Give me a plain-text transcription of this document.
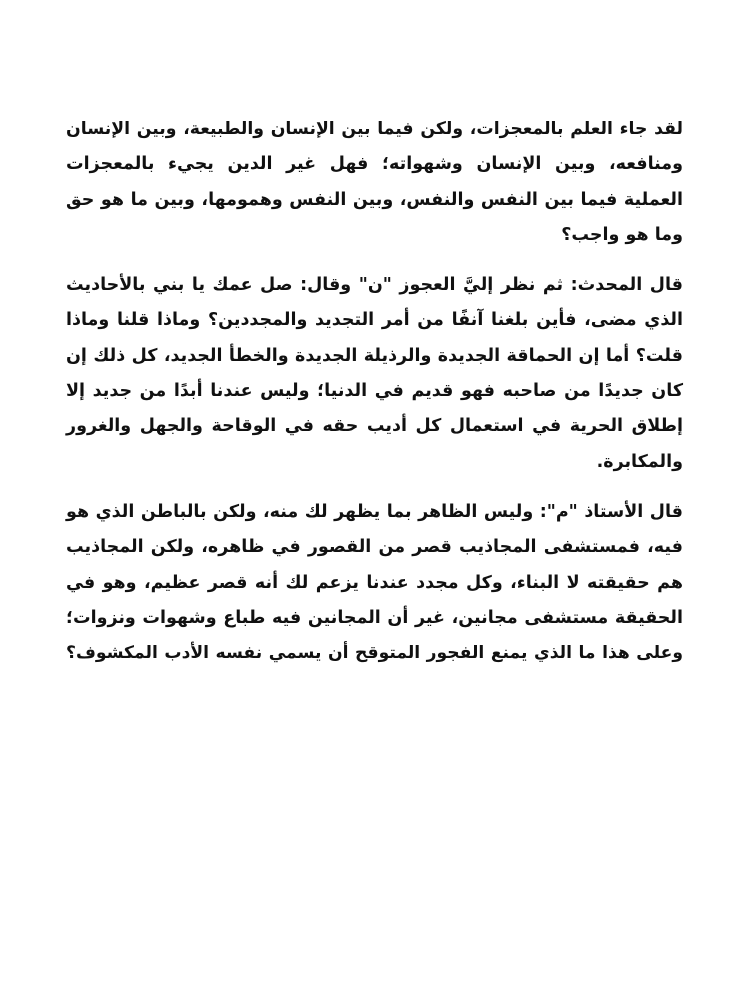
لقد جاء العلم بالمعجزات، ولكن فيما بين الإنسان والطبيعة، وبين الإنسان
ومنافعه، وبين الإنسان وشهواته؛ فهل غير الدين يجيء بالمعجزات
العملية فيما بين النفس والنفس، وبين النفس وهمومها، وبين ما هو حق
وما هو واجب؟

قال المحدث: ثم نظر إليَّ العجوز "ن" وقال: صل عمك يا بني بالأحاديث
الذي مضى، فأين بلغنا آنفًا من أمر التجديد والمجددين؟ وماذا قلنا وماذا
قلت؟ أما إن الحماقة الجديدة والرذيلة الجديدة والخطأ الجديد، كل ذلك إن
كان جديدًا من صاحبه فهو قديم في الدنيا؛ وليس عندنا أبدًا من جديد إلا
إطلاق الحرية في استعمال كل أديب حقه في الوقاحة والجهل والغرور
والمكابرة.

قال الأستاذ "م": وليس الظاهر بما يظهر لك منه، ولكن بالباطن الذي هو
فيه، فمستشفى المجاذيب قصر من القصور في ظاهره، ولكن المجاذيب
هم حقيقته لا البناء، وكل مجدد عندنا يزعم لك أنه قصر عظيم، وهو في
الحقيقة مستشفى مجانين، غير أن المجانين فيه طباع وشهوات ونزوات؛
وعلى هذا ما الذي يمنع الفجور المتوقح أن يسمي نفسه الأدب المكشوف؟
